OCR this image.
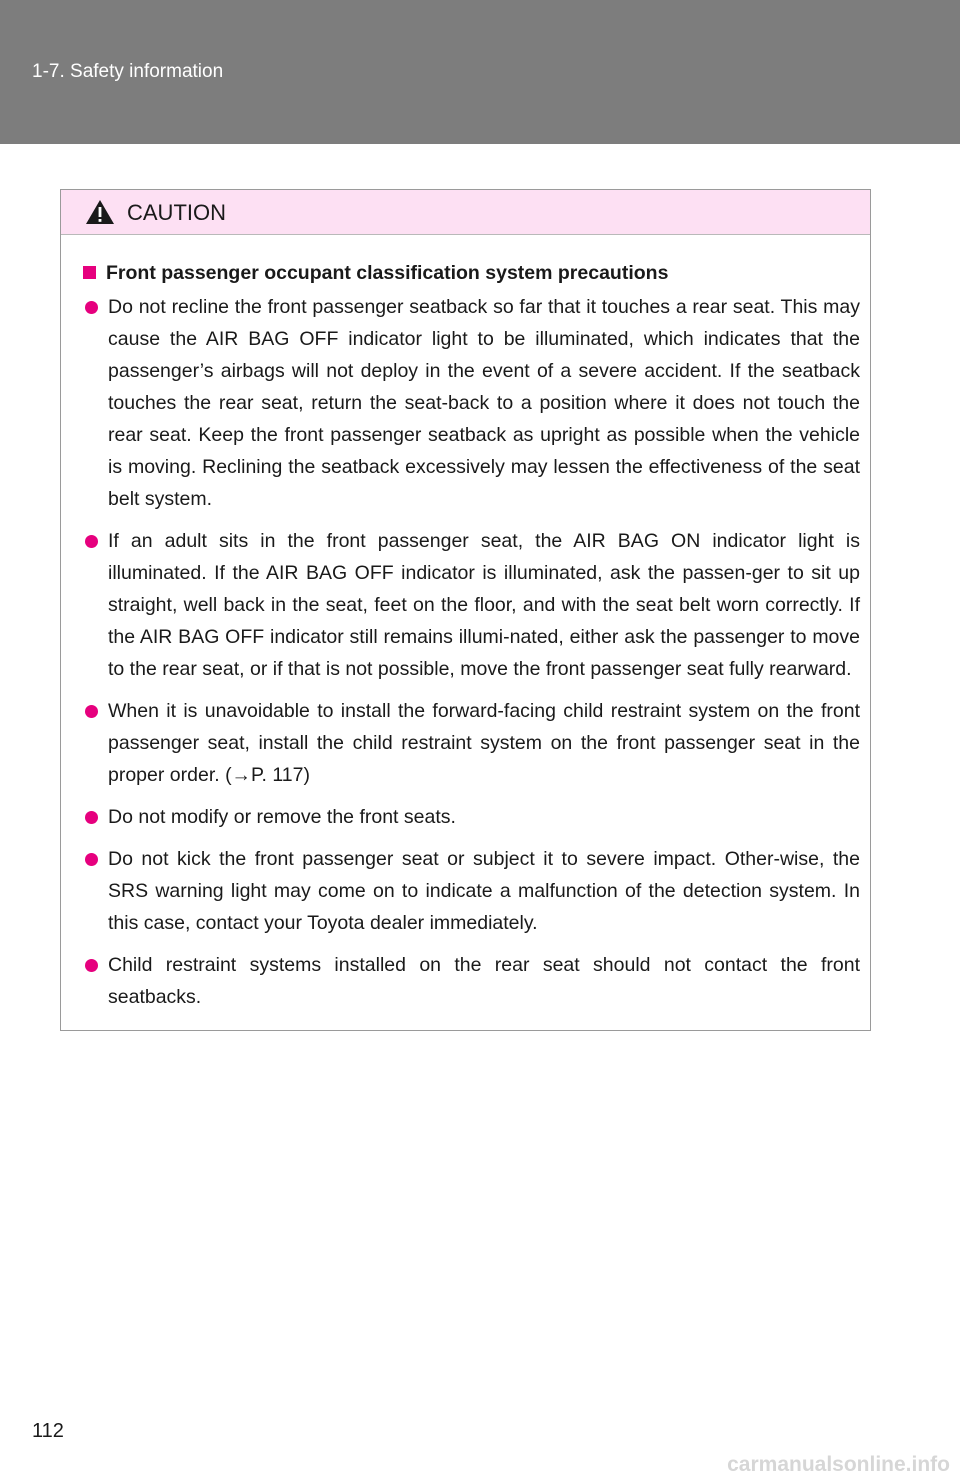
1-7. Safety information
CAUTION
Front passenger occupant classification system precautions
Do not recline the front passenger seatback so far that it touches a rear seat. This may cause the AIR BAG OFF indicator light to be illuminated, which indicates that the passenger’s airbags will not deploy in the event of a severe accident. If the seatback touches the rear seat, return the seat-back to a position where it does not touch the rear seat. Keep the front passenger seatback as upright as possible when the vehicle is moving. Reclining the seatback excessively may lessen the effectiveness of the seat belt system.
If an adult sits in the front passenger seat, the AIR BAG ON indicator light is illuminated. If the AIR BAG OFF indicator is illuminated, ask the passen-ger to sit up straight, well back in the seat, feet on the floor, and with the seat belt worn correctly. If the AIR BAG OFF indicator still remains illumi-nated, either ask the passenger to move to the rear seat, or if that is not possible, move the front passenger seat fully rearward.
When it is unavoidable to install the forward-facing child restraint system on the front passenger seat, install the child restraint system on the front passenger seat in the proper order. (→P. 117)
Do not modify or remove the front seats.
Do not kick the front passenger seat or subject it to severe impact. Other-wise, the SRS warning light may come on to indicate a malfunction of the detection system. In this case, contact your Toyota dealer immediately.
Child restraint systems installed on the rear seat should not contact the front seatbacks.
112
carmanualsonline.info
